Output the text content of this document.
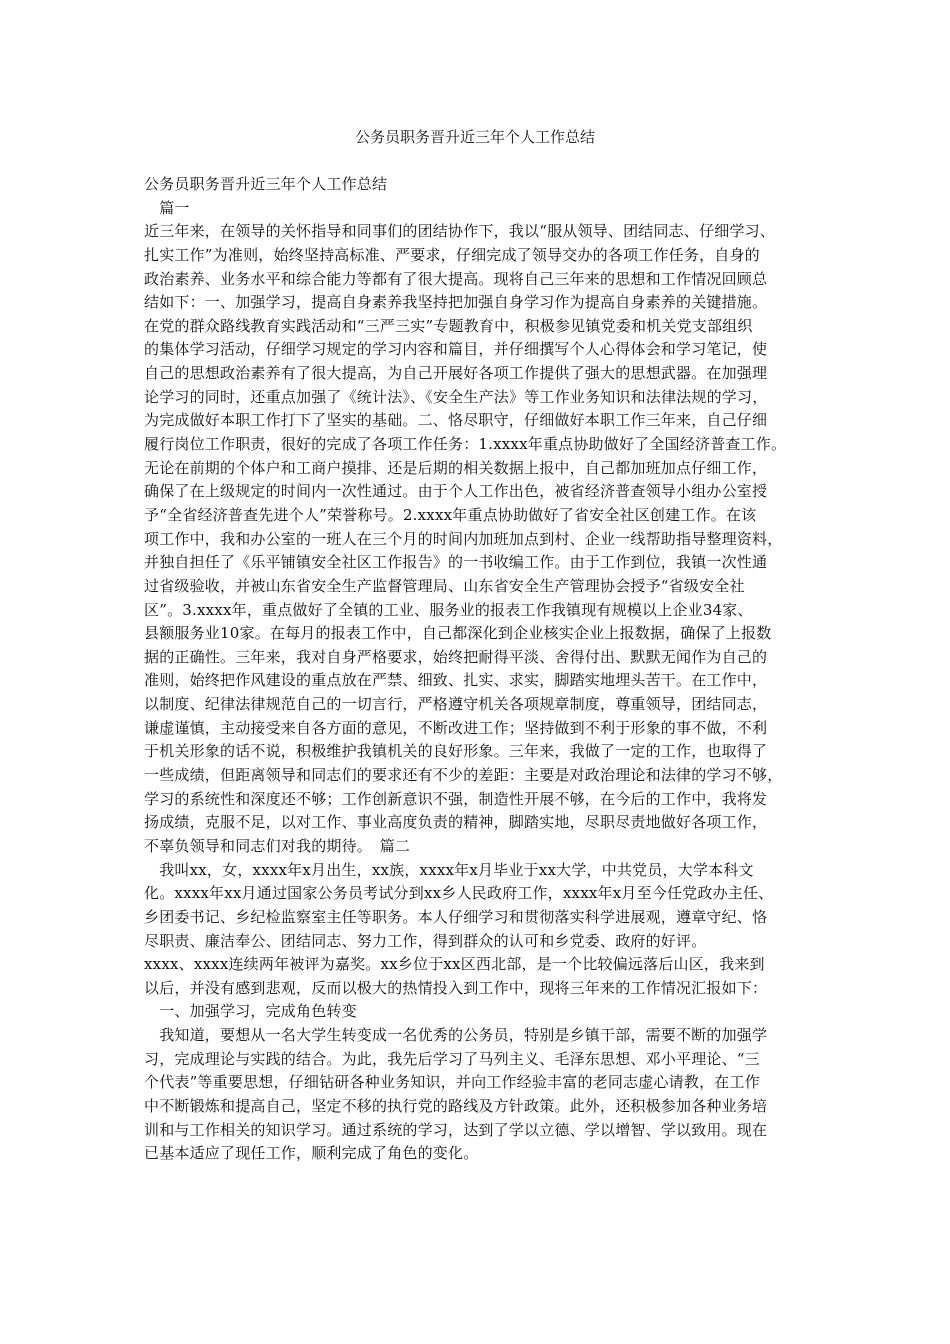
公务员职务晋升近三年个人工作总结
公务员职务晋升近三年个人工作总结
　篇一
近三年来，在领导的关怀指导和同事们的团结协作下，我以“服从领导、团结同志、仔细学习、
扎实工作”为准则，始终坚持高标准、严要求，仔细完成了领导交办的各项工作任务，自身的
政治素养、业务水平和综合能力等都有了很大提高。现将自己三年来的思想和工作情况回顾总
结如下：一、加强学习，提高自身素养我坚持把加强自身学习作为提高自身素养的关键措施。
在党的群众路线教育实践活动和“三严三实”专题教育中，积极参见镇党委和机关党支部组织
的集体学习活动，仔细学习规定的学习内容和篇目，并仔细撰写个人心得体会和学习笔记，使
自己的思想政治素养有了很大提高，为自己开展好各项工作提供了强大的思想武器。在加强理
论学习的同时，还重点加强了《统计法》、《安全生产法》等工作业务知识和法律法规的学习，
为完成做好本职工作打下了坚实的基础。二、恪尽职守，仔细做好本职工作三年来，自己仔细
履行岗位工作职责，很好的完成了各项工作任务：1.xxxx年重点协助做好了全国经济普查工作。
无论在前期的个体户和工商户摸排、还是后期的相关数据上报中，自己都加班加点仔细工作，
确保了在上级规定的时间内一次性通过。由于个人工作出色，被省经济普查领导小组办公室授
予“全省经济普查先进个人”荣誉称号。2.xxxx年重点协助做好了省安全社区创建工作。在该
项工作中，我和办公室的一班人在三个月的时间内加班加点到村、企业一线帮助指导整理资料，
并独自担任了《乐平铺镇安全社区工作报告》的一书收编工作。由于工作到位，我镇一次性通
过省级验收，并被山东省安全生产监督管理局、山东省安全生产管理协会授予“省级安全社
区”。3.xxxx年，重点做好了全镇的工业、服务业的报表工作我镇现有规模以上企业34家、
县额服务业10家。在每月的报表工作中，自己都深化到企业核实企业上报数据，确保了上报数
据的正确性。三年来，我对自身严格要求，始终把耐得平淡、舍得付出、默默无闻作为自己的
准则，始终把作风建设的重点放在严禁、细致、扎实、求实，脚踏实地埋头苦干。在工作中，
以制度、纪律法律规范自己的一切言行，严格遵守机关各项规章制度，尊重领导，团结同志，
谦虚谨慎，主动接受来自各方面的意见，不断改进工作；坚持做到不利于形象的事不做，不利
于机关形象的话不说，积极维护我镇机关的良好形象。三年来，我做了一定的工作，也取得了
一些成绩，但距离领导和同志们的要求还有不少的差距：主要是对政治理论和法律的学习不够，
学习的系统性和深度还不够；工作创新意识不强，制造性开展不够，在今后的工作中，我将发
扬成绩，克服不足，以对工作、事业高度负责的精神，脚踏实地，尽职尽责地做好各项工作，
不辜负领导和同志们对我的期待。　篇二
　我叫xx，女，xxxx年x月出生，xx族，xxxx年x月毕业于xx大学，中共党员，大学本科文
化。xxxx年xx月通过国家公务员考试分到xx乡人民政府工作，xxxx年x月至今任党政办主任、
乡团委书记、乡纪检监察室主任等职务。本人仔细学习和贯彻落实科学进展观，遵章守纪、恪
尽职责、廉洁奉公、团结同志、努力工作，得到群众的认可和乡党委、政府的好评。
xxxx、xxxx连续两年被评为嘉奖。xx乡位于xx区西北部，是一个比较偏远落后山区，我来到
以后，并没有感到悲观，反而以极大的热情投入到工作中，现将三年来的工作情况汇报如下：
　一、加强学习，完成角色转变
　我知道，要想从一名大学生转变成一名优秀的公务员，特别是乡镇干部，需要不断的加强学
习，完成理论与实践的结合。为此，我先后学习了马列主义、毛泽东思想、邓小平理论、“三
个代表”等重要思想，仔细钻研各种业务知识，并向工作经验丰富的老同志虚心请教，在工作
中不断锻炼和提高自己，坚定不移的执行党的路线及方针政策。此外，还积极参加各种业务培
训和与工作相关的知识学习。通过系统的学习，达到了学以立德、学以增智、学以致用。现在
已基本适应了现任工作，顺利完成了角色的变化。
